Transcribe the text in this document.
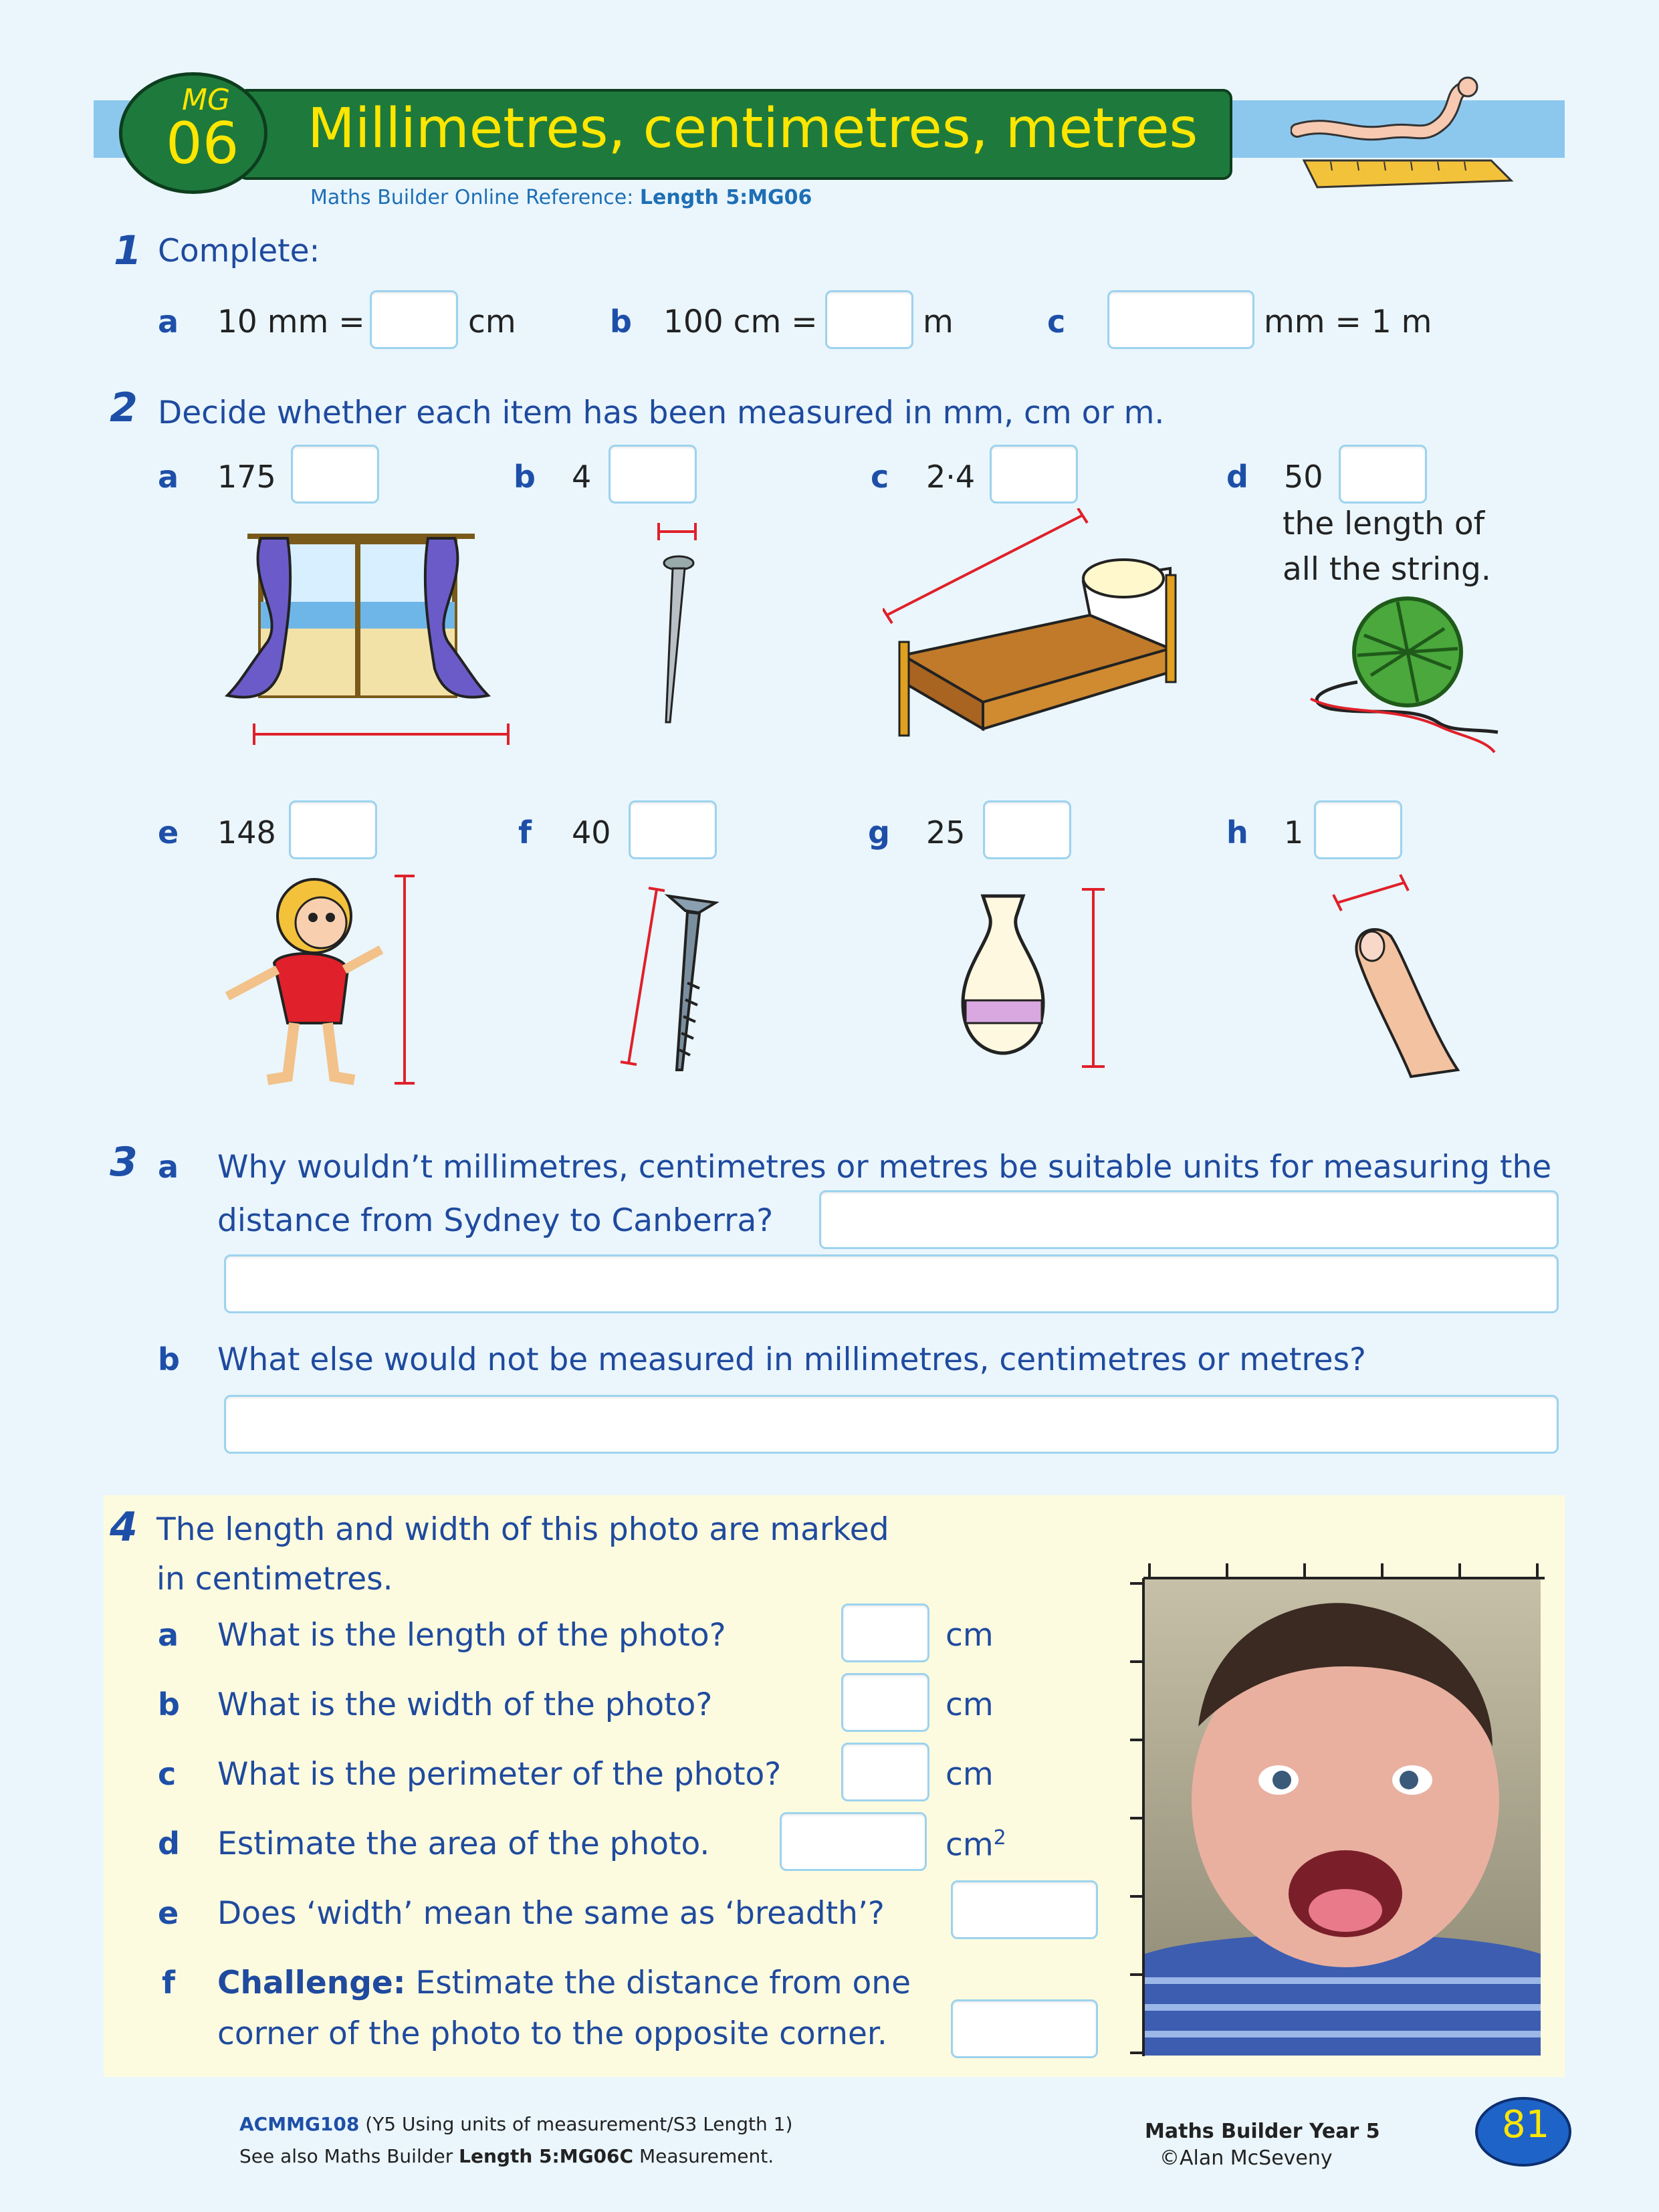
MG
06 Millimetres, centimetres, metres
Maths Builder Online Reference: Length 5:MG06
1 Complete:
a 10 mm =	cm	b 100 cm =	m	c	mm = 1 m
2 Decide whether each item has been measured in mm, cm or m.
a 175	b 4	c 2·4	d 50
the length of
all the string.
e 148	f 40	g 25	h 1
3 a Why wouldn’t millimetres, centimetres or metres be suitable units for measuring the
distance from Sydney to Canberra?
b What else would not be measured in millimetres, centimetres or metres?
4 The length and width of this photo are marked
in centimetres.
a What is the length of the photo?	cm
b What is the width of the photo?	cm
c What is the perimeter of the photo?	cm
d Estimate the area of the photo.	$cm^2$
e Does ‘width’ mean the same as ‘breadth’?
f Challenge: Estimate the distance from one
corner of the photo to the opposite corner.
ACMMG108 (Y5 Using units of measurement/S3 Length 1)
See also Maths Builder Length 5:MG06C Measurement.
Maths Builder Year 5
©Alan McSeveny
81
